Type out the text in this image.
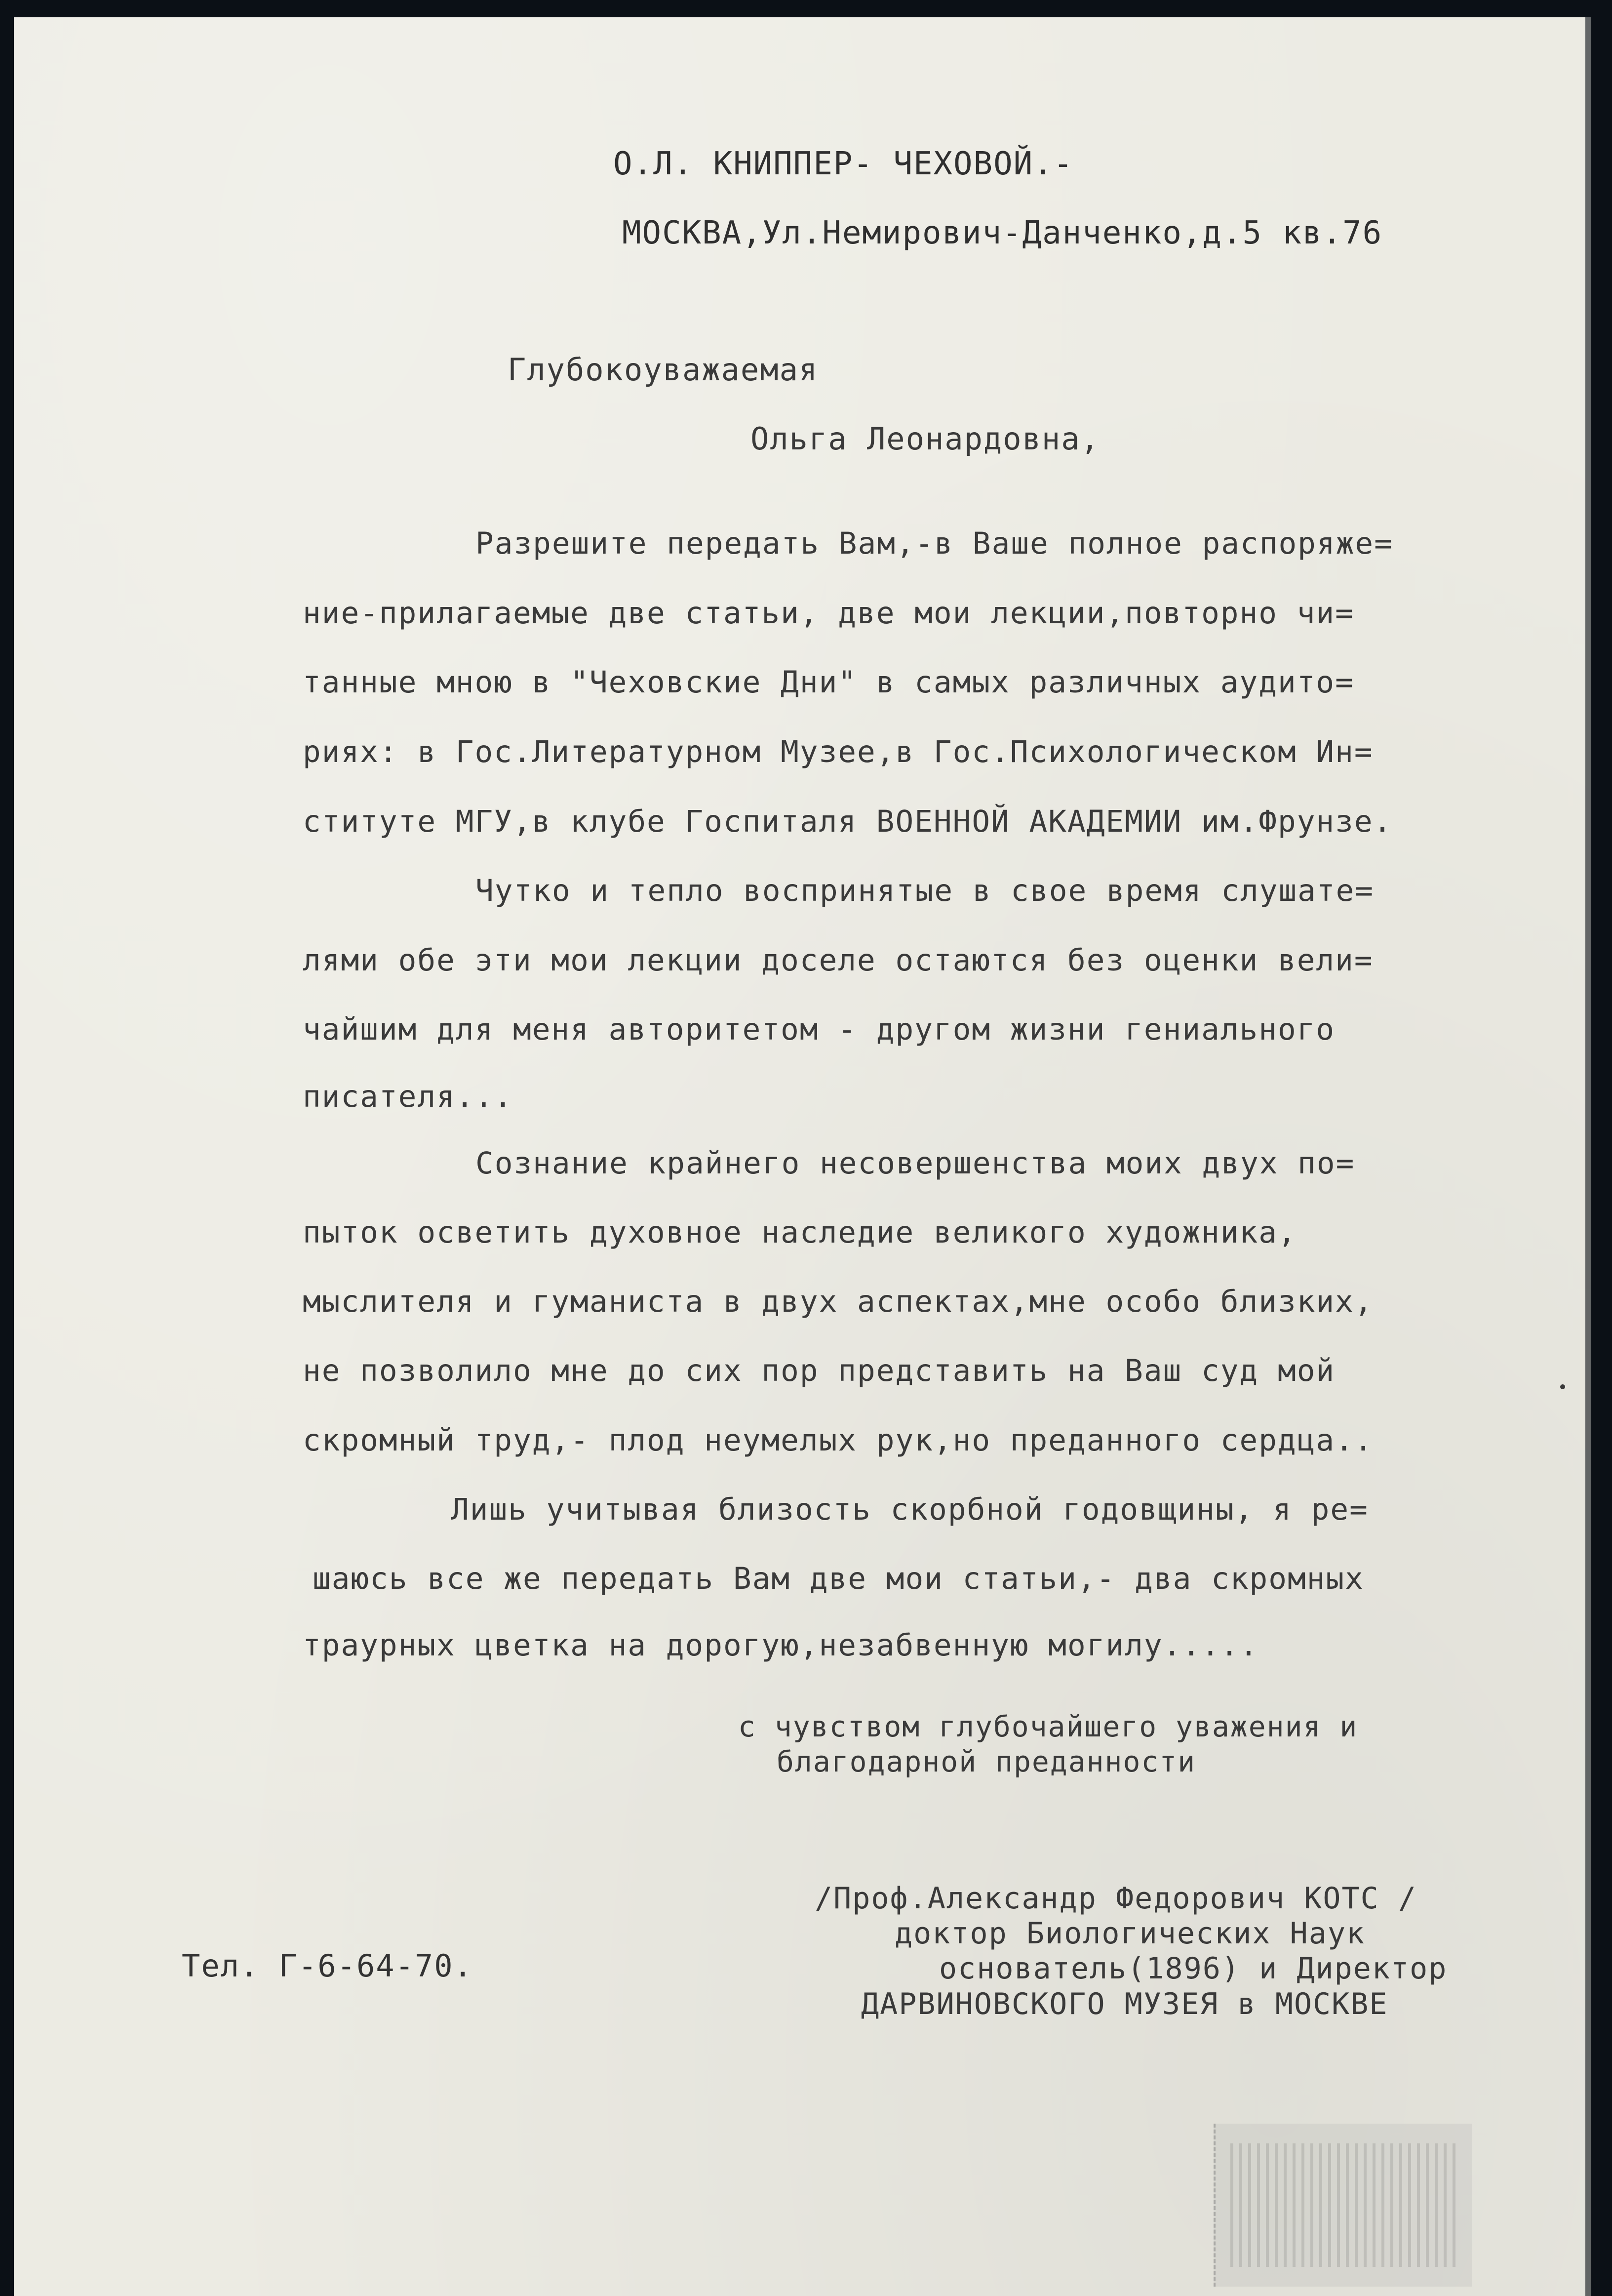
О.Л. КНИППЕР- ЧЕХОВОЙ.-
МОСКВА,Ул.Немирович-Данченко,д.5 кв.76
Глубокоуважаемая
Ольга Леонардовна,
Разрешите передать Вам,-в Ваше полное распоряже=
ние-прилагаемые две статьи, две мои лекции,повторно чи=
танные мною в "Чеховские Дни" в самых различных аудито=
риях: в Гос.Литературном Музее,в Гос.Психологическом Ин=
ституте МГУ,в клубе Госпиталя ВОЕННОЙ АКАДЕМИИ им.Фрунзе.
Чутко и тепло воспринятые в свое время слушате=
лями обе эти мои лекции доселе остаются без оценки вели=
чайшим для меня авторитетом - другом жизни гениального
писателя...
Сознание крайнего несовершенства моих двух по=
пыток осветить духовное наследие великого художника,
мыслителя и гуманиста в двух аспектах,мне особо близких,
не позволило мне до сих пор представить на Ваш суд мой
скромный труд,- плод неумелых рук,но преданного сердца..
Лишь учитывая близость скорбной годовщины, я ре=
шаюсь все же передать Вам две мои статьи,- два скромных
траурных цветка на дорогую,незабвенную могилу.....
с чувством глубочайшего уважения и
благодарной преданности
/Проф.Александр Федорович КОТС /
доктор Биологических Наук
основатель(1896) и Директор
ДАРВИНОВСКОГО МУЗЕЯ в МОСКВЕ
Тел. Г-6-64-70.
